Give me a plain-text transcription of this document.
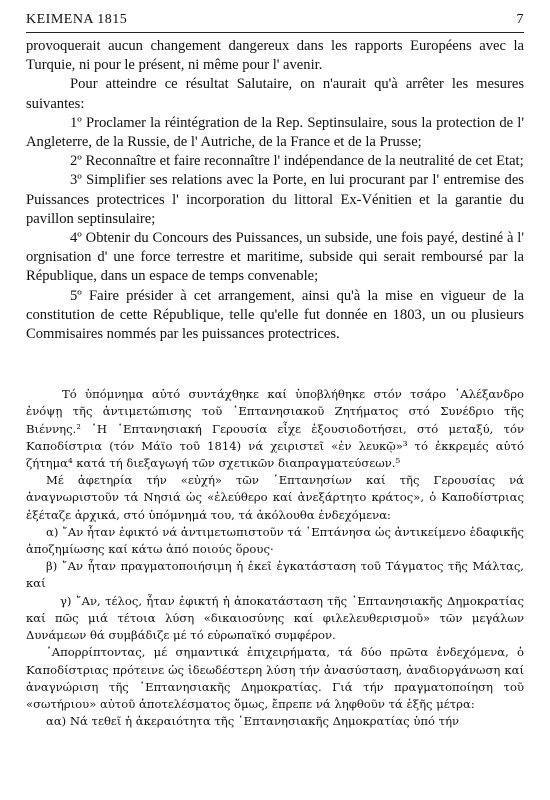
ΚΕΙΜΕΝΑ 1815	7

provoquerait aucun changement dangereux dans les rapports Européens avec la Turquie, ni pour le présent, ni même pour l' avenir.

Pour atteindre ce résultat Salutaire, on n'aurait qu'à arrêter les mesures suivantes:

1º Proclamer la réintégration de la Rep. Septinsulaire, sous la protection de l' Angleterre, de la Russie, de l' Autriche, de la France et de la Prusse;

2º Reconnaître et faire reconnaître l' indépendance de la neutralité de cet Etat;

3º Simplifier ses relations avec la Porte, en lui procurant par l' entremise des Puissances protectrices l' incorporation du littoral Ex-Vénitien et la garantie du pavillon septinsulaire;

4º Obtenir du Concours des Puissances, un subside, une fois payé, destiné à l' orgnisation d' une force terrestre et maritime, subside qui serait remboursé par la République, dans un espace de temps convenable;

5º Faire présider à cet arrangement, ainsi qu'à la mise en vigueur de la constitution de cette République, telle qu'elle fut donnée en 1803, un ou plusieurs Commisaires nommés par les puissances protectrices.

Τό ὑπόμνημα αὐτό συντάχθηκε καί ὑποβλήθηκε στόν τσάρο ᾿Αλέξανδρο ἐνόψῃ τῆς ἀντιμετώπισης τοῦ ῾Επτανησιακοῦ Ζητήματος στό Συνέδριο τῆς Βιέννης.² ῾Η ῾Επτανησιακή Γερουσία εἶχε ἐξουσιοδοτήσει, στό μεταξύ, τόν Καποδίστρια (τόν Μάϊο τοῦ 1814) νά χειριστεῖ «ἐν λευκῷ»³ τό ἐκκρεμές αὐτό ζήτημα⁴ κατά τή διεξαγωγή τῶν σχετικῶν διαπραγματεύσεων.⁵

Μέ ἀφετηρία τήν «εὐχή» τῶν ῾Επτανησίων καί τῆς Γερουσίας νά ἀναγνωριστοῦν τά Νησιά ὡς «ἐλεύθερο καί ἀνεξάρτητο κράτος», ὁ Καποδίστριας ἐξέταζε ἀρχικά, στό ὑπόμνημά του, τά ἀκόλουθα ἐνδεχόμενα:

α) ῎Αν ἦταν ἐφικτό νά ἀντιμετωπιστοῦν τά ῾Επτάνησα ὡς ἀντικείμενο ἐδαφικῆς ἀποζημίωσης καί κάτω ἀπό ποιούς ὅρους·

β) ῎Αν ἦταν πραγματοποιήσιμη ἡ ἐκεῖ ἐγκατάσταση τοῦ Τάγματος τῆς Μάλτας, καί

γ) ῎Αν, τέλος, ἦταν ἐφικτή ἡ ἀποκατάσταση τῆς ῾Επτανησιακῆς Δημοκρατίας καί πῶς μιά τέτοια λύση «δικαιοσύνης καί φιλελευθερισμοῦ» τῶν μεγάλων Δυνάμεων θά συμβάδιζε μέ τό εὐρωπαϊκό συμφέρον.

᾿Απορρίπτοντας, μέ σημαντικά ἐπιχειρήματα, τά δύο πρῶτα ἐνδεχόμενα, ὁ Καποδίστριας πρότεινε ὡς ἰδεωδέστερη λύση τήν ἀνασύσταση, ἀναδιοργάνωση καί ἀναγνώριση τῆς ῾Επτανησιακῆς Δημοκρατίας. Γιά τήν πραγματοποίηση τοῦ «σωτήριου» αὐτοῦ ἀποτελέσματος ὅμως, ἔπρεπε νά ληφθοῦν τά ἑξῆς μέτρα:

αα) Νά τεθεῖ ἡ ἀκεραιότητα τῆς ῾Επτανησιακῆς Δημοκρατίας ὑπό τήν
